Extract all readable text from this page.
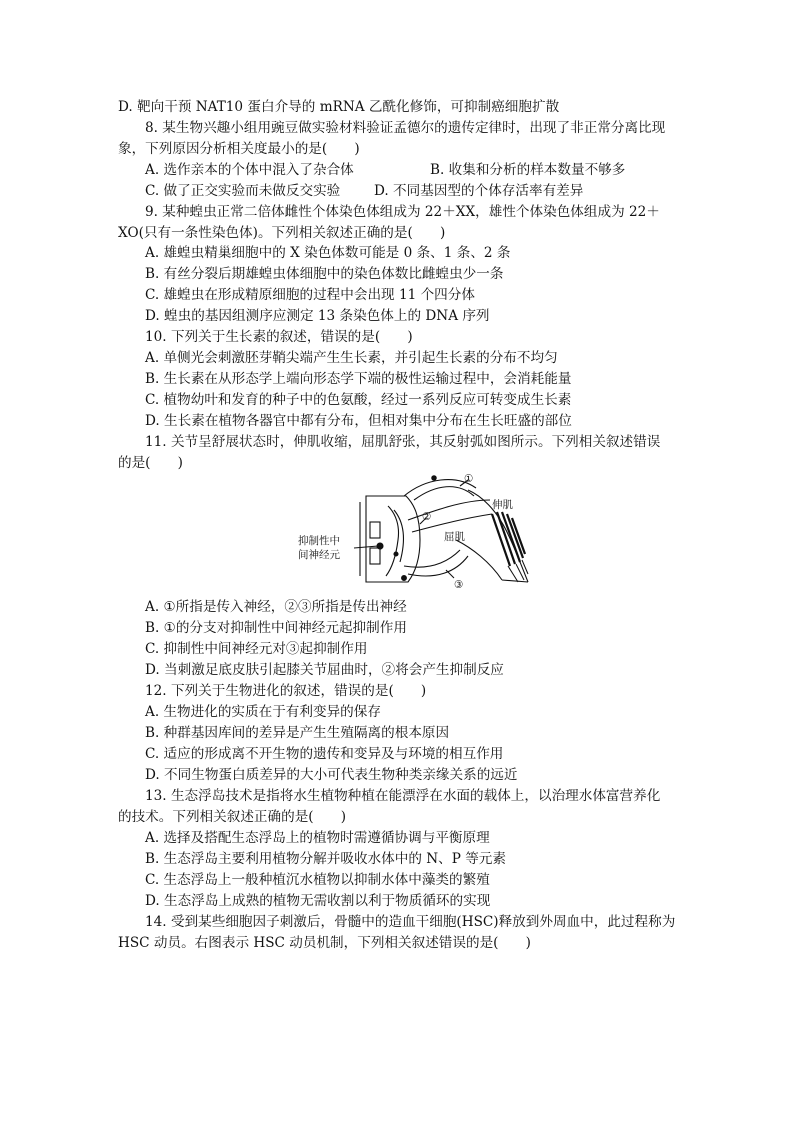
D. 靶向干预 NAT10 蛋白介导的 mRNA 乙酰化修饰，可抑制癌细胞扩散
8. 某生物兴趣小组用豌豆做实验材料验证孟德尔的遗传定律时，出现了非正常分离比现
象，下列原因分析相关度最小的是(　　)
A. 选作亲本的个体中混入了杂合体	B. 收集和分析的样本数量不够多
C. 做了正交实验而未做反交实验 D. 不同基因型的个体存活率有差异
9. 某种蝗虫正常二倍体雌性个体染色体组成为 22＋XX，雄性个体染色体组成为 22＋
XO(只有一条性染色体)。下列相关叙述正确的是(　　)
A. 雄蝗虫精巢细胞中的 X 染色体数可能是 0 条、1 条、2 条
B. 有丝分裂后期雄蝗虫体细胞中的染色体数比雌蝗虫少一条
C. 雄蝗虫在形成精原细胞的过程中会出现 11 个四分体
D. 蝗虫的基因组测序应测定 13 条染色体上的 DNA 序列
10. 下列关于生长素的叙述，错误的是(　　)
A. 单侧光会刺激胚芽鞘尖端产生生长素，并引起生长素的分布不均匀
B. 生长素在从形态学上端向形态学下端的极性运输过程中，会消耗能量
C. 植物幼叶和发育的种子中的色氨酸，经过一系列反应可转变成生长素
D. 生长素在植物各器官中都有分布，但相对集中分布在生长旺盛的部位
11. 关节呈舒展状态时，伸肌收缩，屈肌舒张，其反射弧如图所示。下列相关叙述错误
的是(　　)
①
②
③
伸肌
屈肌
抑制性中
间神经元
A. ①所指是传入神经，②③所指是传出神经
B. ①的分支对抑制性中间神经元起抑制作用
C. 抑制性中间神经元对③起抑制作用
D. 当刺激足底皮肤引起膝关节屈曲时，②将会产生抑制反应
12. 下列关于生物进化的叙述，错误的是(　　)
A. 生物进化的实质在于有利变异的保存
B. 种群基因库间的差异是产生生殖隔离的根本原因
C. 适应的形成离不开生物的遗传和变异及与环境的相互作用
D. 不同生物蛋白质差异的大小可代表生物种类亲缘关系的远近
13. 生态浮岛技术是指将水生植物种植在能漂浮在水面的载体上，以治理水体富营养化
的技术。下列相关叙述正确的是(　　)
A. 选择及搭配生态浮岛上的植物时需遵循协调与平衡原理
B. 生态浮岛主要利用植物分解并吸收水体中的 N、P 等元素
C. 生态浮岛上一般种植沉水植物以抑制水体中藻类的繁殖
D. 生态浮岛上成熟的植物无需收割以利于物质循环的实现
14. 受到某些细胞因子刺激后，骨髓中的造血干细胞(HSC)释放到外周血中，此过程称为
HSC 动员。右图表示 HSC 动员机制，下列相关叙述错误的是(　　)
